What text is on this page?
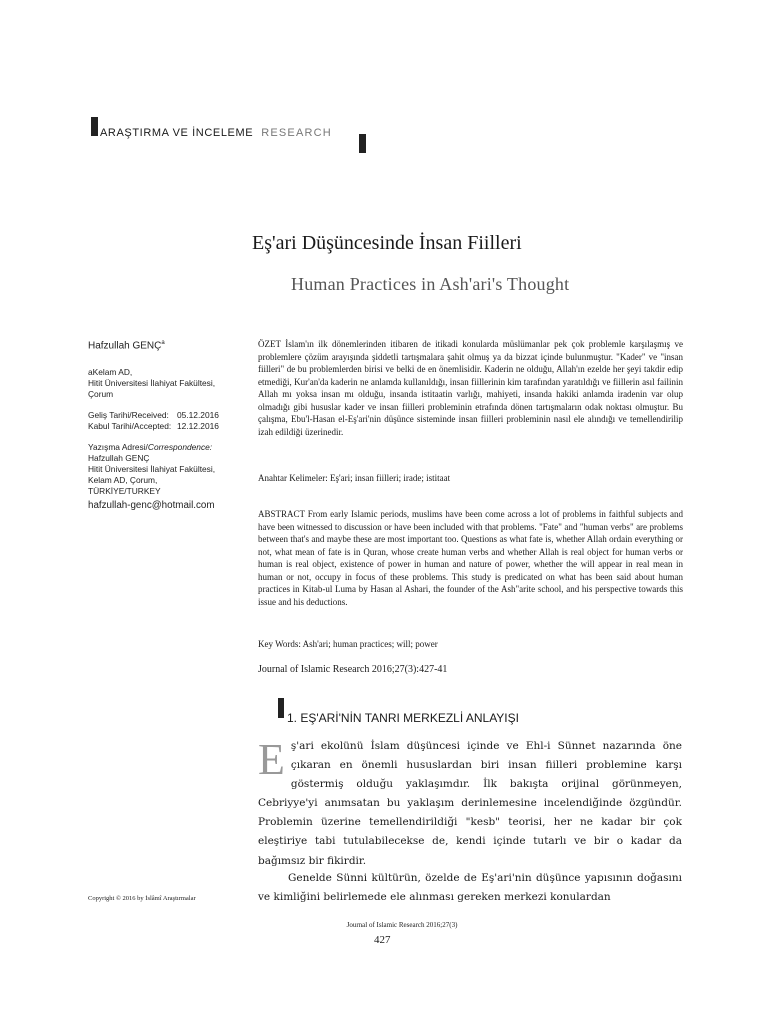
ARAŞTIRMA VE İNCELEME RESEARCH
Eş'ari Düşüncesinde İnsan Fiilleri
Human Practices in Ash'ari's Thought
Hafzullah GENÇ$^a$
aKelam AD,
Hitit Üniversitesi İlahiyat Fakültesi,
Çorum
Geliş Tarihi/Received: 05.12.2016
Kabul Tarihi/Accepted: 12.12.2016
Yazışma Adresi/Correspondence:
Hafzullah GENÇ
Hitit Üniversitesi İlahiyat Fakültesi,
Kelam AD, Çorum,
TÜRKİYE/TURKEY
hafzullah-genc@hotmail.com
ÖZET İslam'ın ilk dönemlerinden itibaren de itikadi konularda müslümanlar pek çok problemle karşılaşmış ve problemlere çözüm arayışında şiddetli tartışmalara şahit olmuş ya da bizzat içinde bulunmuştur. "Kader" ve "insan fiilleri" de bu problemlerden birisi ve belki de en önemlisidir. Kaderin ne olduğu, Allah'ın ezelde her şeyi takdir edip etmediği, Kur'an'da kaderin ne anlamda kullanıldığı, insan fiillerinin kim tarafından yaratıldığı ve fiillerin asıl failinin Allah mı yoksa insan mı olduğu, insanda istitaatin varlığı, mahiyeti, insanda hakiki anlamda iradenin var olup olmadığı gibi hususlar kader ve insan fiilleri probleminin etrafında dönen tartışmaların odak noktası olmuştur. Bu çalışma, Ebu'l-Hasan el-Eş'ari'nin düşünce sisteminde insan fiilleri probleminin nasıl ele alındığı ve temellendirilip izah edildiği üzerinedir.
Anahtar Kelimeler: Eş'ari; insan fiilleri; irade; istitaat
ABSTRACT From early Islamic periods, muslims have been come across a lot of problems in faithful subjects and have been witnessed to discussion or have been included with that problems. "Fate" and "human verbs" are problems between that's and maybe these are most important too. Questions as what fate is, whether Allah ordain everything or not, what mean of fate is in Quran, whose create human verbs and whether Allah is real object for human verbs or human is real object, existence of power in human and nature of power, whether the will appear in real mean in human or not, occupy in focus of these problems. This study is predicated on what has been said about human practices in Kitab-ul Luma by Hasan al Ashari, the founder of the Ash"arite school, and his perspective towards this issue and his deductions.
Key Words: Ash'ari; human practices; will; power
Journal of Islamic Research 2016;27(3):427-41
1. EŞ'ARİ'NİN TANRI MERKEZLİ ANLAYIŞI
E ş'ari ekolünü İslam düşüncesi içinde ve Ehl-i Sünnet nazarında öne çıkaran en önemli hususlardan biri insan fiilleri problemine karşı göstermiş olduğu yaklaşımdır. İlk bakışta orijinal görünmeyen, Cebriyye'yi anımsatan bu yaklaşım derinlemesine incelendiğinde özgündür. Problemin üzerine temellendirildiği "kesb" teorisi, her ne kadar bir çok eleştiriye tabi tutulabilecekse de, kendi içinde tutarlı ve bir o kadar da bağımsız bir fikirdir.

Genelde Sünni kültürün, özelde de Eş'ari'nin düşünce yapısının doğasını ve kimliğini belirlemede ele alınması gereken merkezi konulardan
Copyright © 2016 by İslâmî Araştırmalar
Journal of Islamic Research 2016;27(3)
427
